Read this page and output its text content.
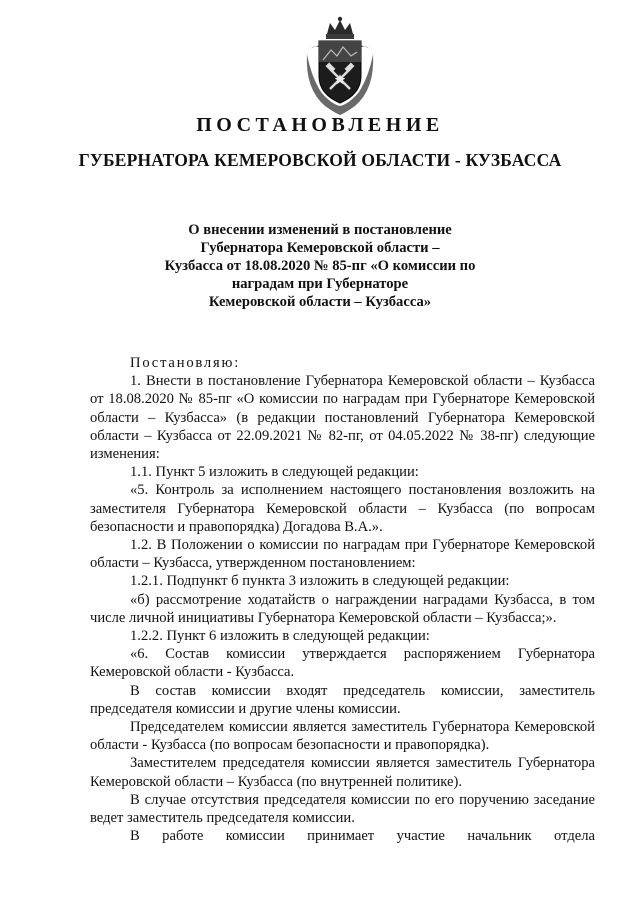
ПОСТАНОВЛЕНИЕ
ГУБЕРНАТОРА КЕМЕРОВСКОЙ ОБЛАСТИ - КУЗБАССА
О внесении изменений в постановление
Губернатора Кемеровской области –
Кузбасса от 18.08.2020 № 85-пг «О комиссии по
наградам при Губернаторе
Кемеровской области – Кузбасса»

Постановляю:

1. Внести в постановление Губернатора Кемеровской области – Кузбасса от 18.08.2020 № 85-пг «О комиссии по наградам при Губернаторе Кемеровской области – Кузбасса» (в редакции постановлений Губернатора Кемеровской области – Кузбасса от 22.09.2021 № 82-пг, от 04.05.2022 № 38-пг) следующие изменения:

1.1. Пункт 5 изложить в следующей редакции:

«5. Контроль за исполнением настоящего постановления возложить на заместителя Губернатора Кемеровской области – Кузбасса (по вопросам безопасности и правопорядка) Догадова В.А.».

1.2. В Положении о комиссии по наградам при Губернаторе Кемеровской области – Кузбасса, утвержденном постановлением:

1.2.1. Подпункт б пункта 3 изложить в следующей редакции:

«б) рассмотрение ходатайств о награждении наградами Кузбасса, в том числе личной инициативы Губернатора Кемеровской области – Кузбасса;».

1.2.2. Пункт 6 изложить в следующей редакции:

«6. Состав комиссии утверждается распоряжением Губернатора Кемеровской области - Кузбасса.

В состав комиссии входят председатель комиссии, заместитель председателя комиссии и другие члены комиссии.

Председателем комиссии является заместитель Губернатора Кемеровской области - Кузбасса (по вопросам безопасности и правопорядка).

Заместителем председателя комиссии является заместитель Губернатора Кемеровской области – Кузбасса (по внутренней политике).

В случае отсутствия председателя комиссии по его поручению заседание ведет заместитель председателя комиссии.

В работе комиссии принимает участие начальник отдела
